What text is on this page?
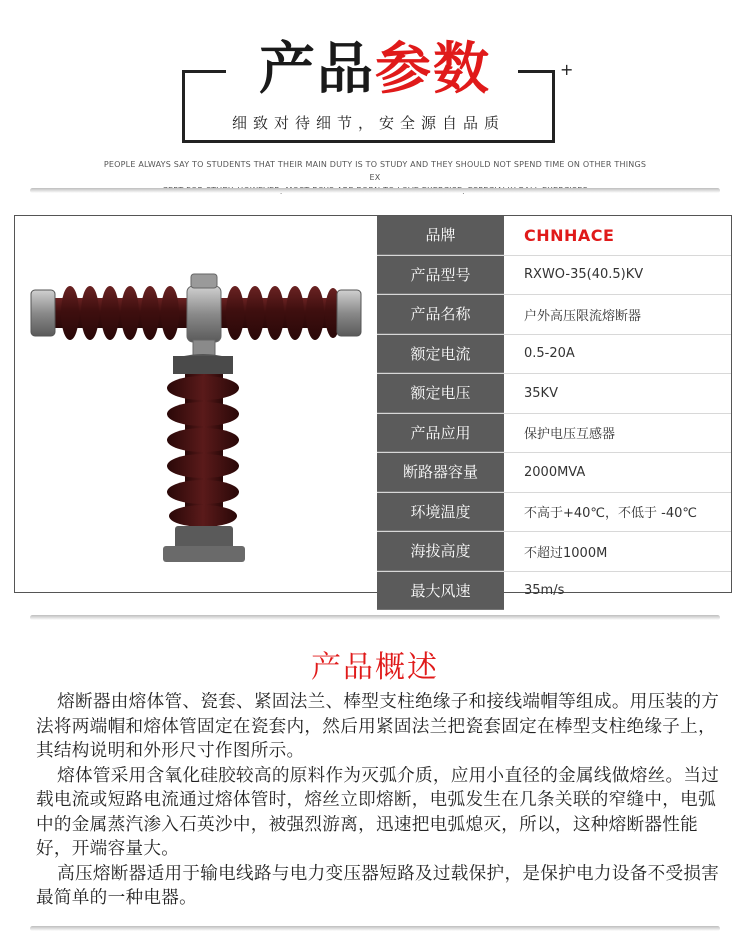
+
产品参数
细致对待细节，安全源自品质
PEOPLE ALWAYS SAY TO STUDENTS THAT THEIR MAIN DUTY IS TO STUDY AND THEY SHOULD NOT SPEND TIME ON OTHER THINGS EX
品牌	CHNHACE
产品型号	RXWO-35(40.5)KV
产品名称	户外高压限流熔断器
额定电流	0.5-20A
额定电压	35KV
产品应用	保护电压互感器
断路器容量	2000MVA
环境温度	不高于+40℃，不低于 -40℃
海拔高度	不超过1000M
最大风速	35m/s
产品概述

熔断器由熔体管、瓷套、紧固法兰、棒型支柱绝缘子和接线端帽等组成。用压装的方法将两端帽和熔体管固定在瓷套内，然后用紧固法兰把瓷套固定在棒型支柱绝缘子上，其结构说明和外形尺寸作图所示。

熔体管采用含氧化硅胶较高的原料作为灭弧介质，应用小直径的金属线做熔丝。当过载电流或短路电流通过熔体管时，熔丝立即熔断，电弧发生在几条关联的窄缝中，电弧中的金属蒸汽渗入石英沙中，被强烈游离，迅速把电弧熄灭，所以，这种熔断器性能好，开端容量大。

高压熔断器适用于输电线路与电力变压器短路及过载保护，是保护电力设备不受损害最简单的一种电器。
